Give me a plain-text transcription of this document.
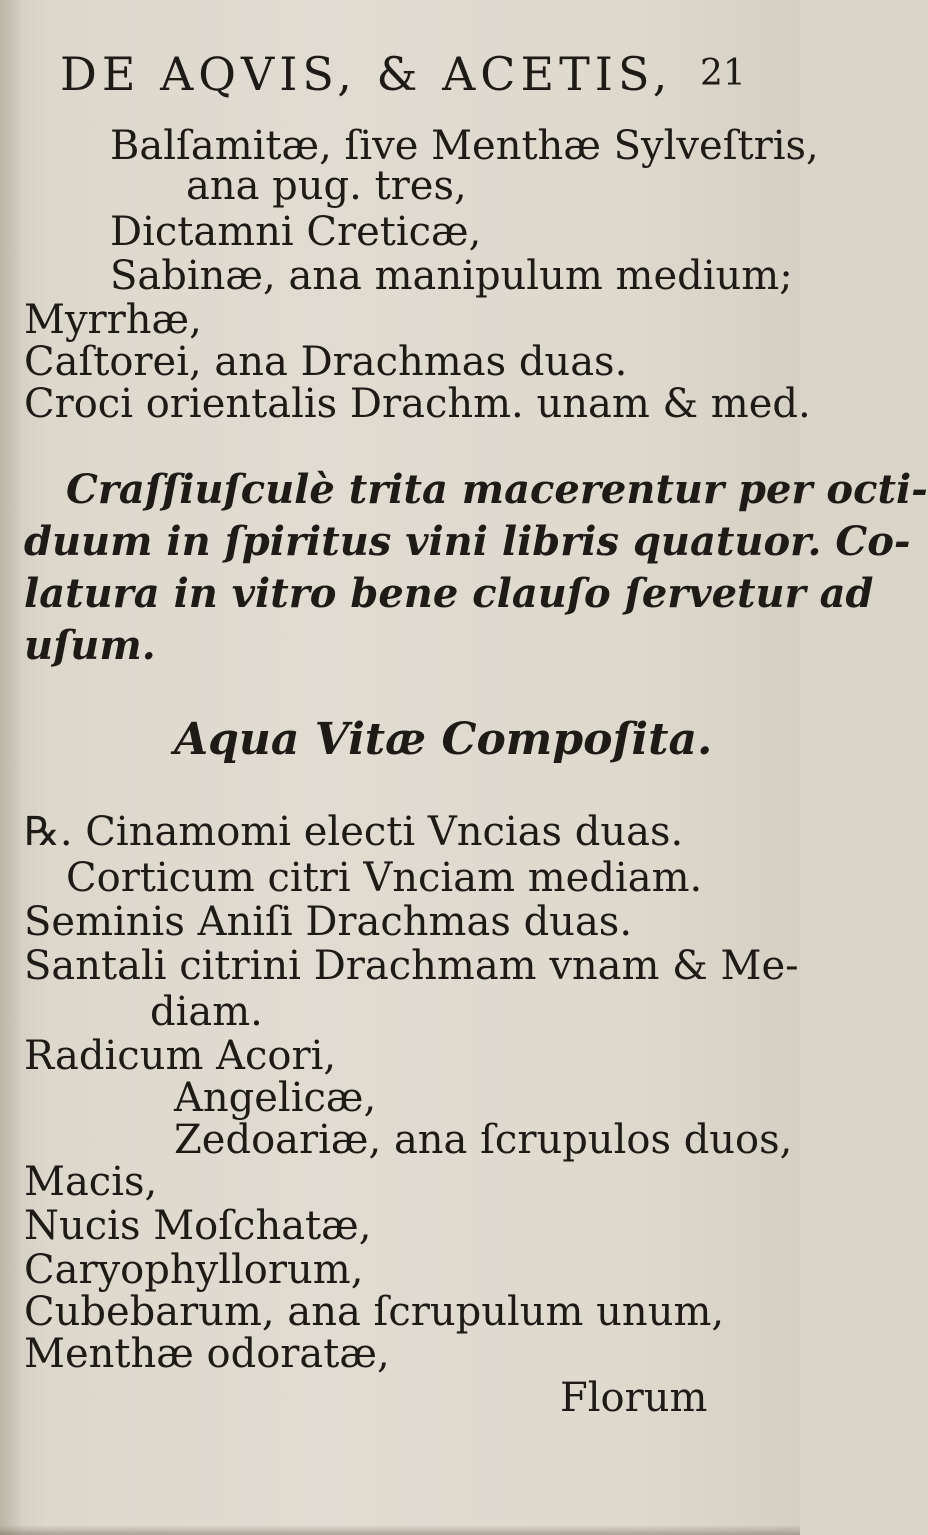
DE AQVIS, & ACETIS, 21
Balſamitæ, ſive Menthæ Sylveſtris,
ana pug. tres,
Dictamni Creticæ,
Sabinæ, ana manipulum medium;
Myrrhæ,
Caſtorei, ana Drachmas duas.
Croci orientalis Drachm. unam & med.
Craſſiuſculè trita macerentur per octi-
duum in ſpiritus vini libris quatuor. Co-
latura in vitro bene clauſo ſervetur ad
uſum.
Aqua Vitæ Compoſita.
℞. Cinamomi electi Vncias duas.
Corticum citri Vnciam mediam.
Seminis Aniſi Drachmas duas.
Santali citrini Drachmam vnam & Me-
diam.
Radicum Acori,
Angelicæ,
Zedoariæ, ana ſcrupulos duos,
Macis,
Nucis Moſchatæ,
Caryophyllorum,
Cubebarum, ana ſcrupulum unum,
Menthæ odoratæ,
Florum
